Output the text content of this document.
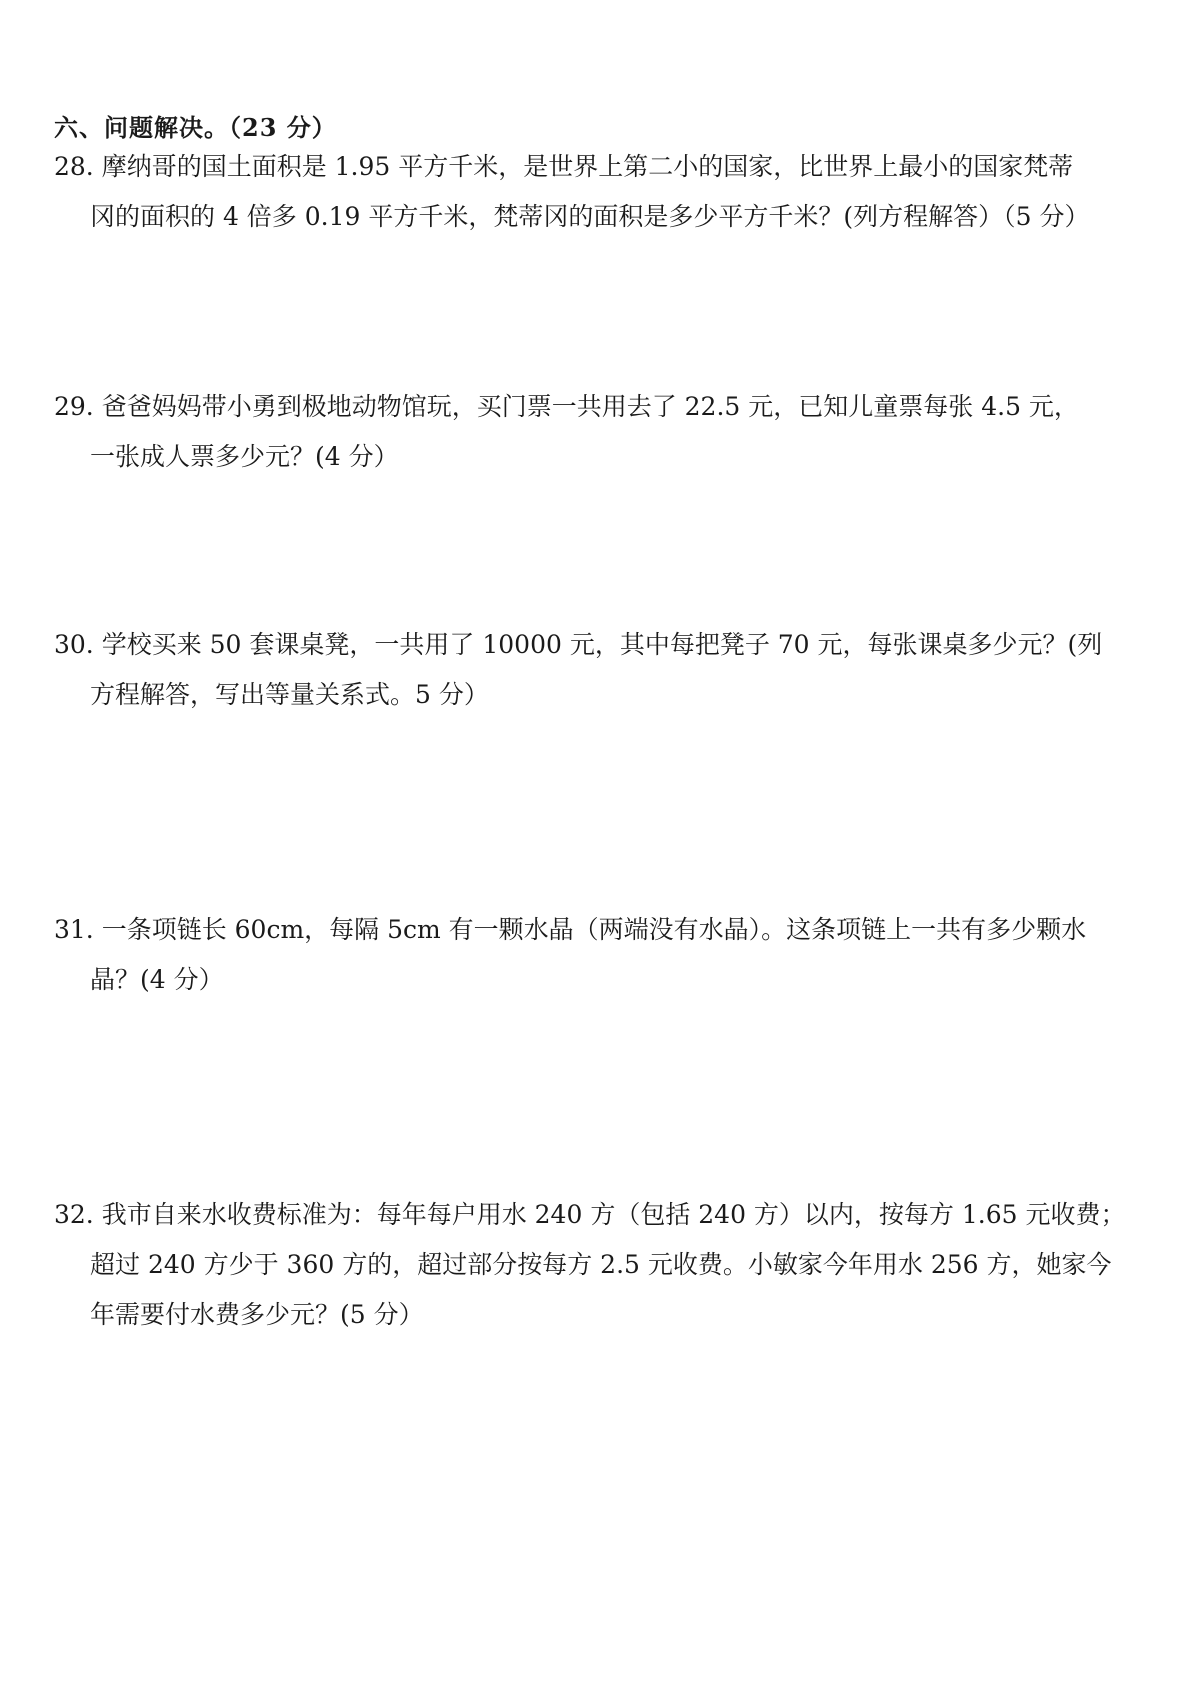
六、问题解决。（23 分）
28. 摩纳哥的国土面积是 1.95 平方千米，是世界上第二小的国家，比世界上最小的国家梵蒂
冈的面积的 4 倍多 0.19 平方千米，梵蒂冈的面积是多少平方千米？(列方程解答）（5 分）
29. 爸爸妈妈带小勇到极地动物馆玩，买门票一共用去了 22.5 元，已知儿童票每张 4.5 元，
一张成人票多少元？(4 分）
30. 学校买来 50 套课桌凳，一共用了 10000 元，其中每把凳子 70 元，每张课桌多少元？(列
方程解答，写出等量关系式。5 分）
31. 一条项链长 60cm，每隔 5cm 有一颗水晶（两端没有水晶）。这条项链上一共有多少颗水
晶？(4 分）
32. 我市自来水收费标准为：每年每户用水 240 方（包括 240 方）以内，按每方 1.65 元收费；
超过 240 方少于 360 方的，超过部分按每方 2.5 元收费。小敏家今年用水 256 方，她家今
年需要付水费多少元？(5 分）
